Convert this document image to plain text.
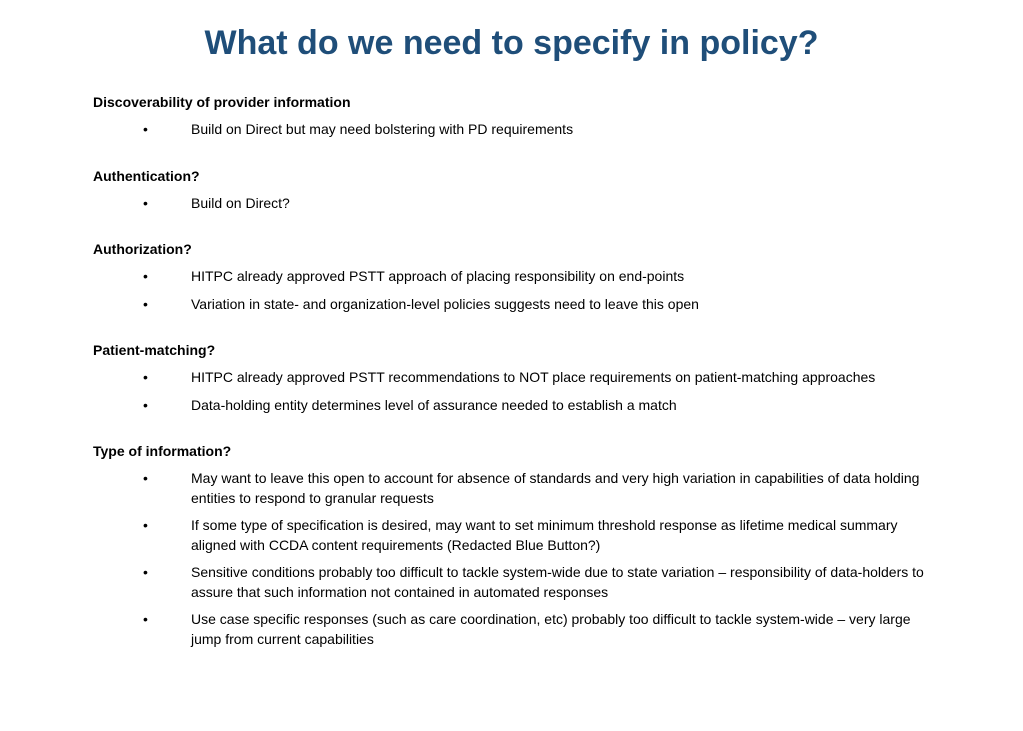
What do we need to specify in policy?
Discoverability of provider information
•	Build on Direct but may need bolstering with PD requirements
Authentication?
•	Build on Direct?
Authorization?
•	HITPC already approved PSTT approach of placing responsibility on end-points
•	Variation in state- and organization-level policies suggests need to leave this open
Patient-matching?
•	HITPC already approved PSTT recommendations to NOT place requirements on patient-matching approaches
•	Data-holding entity determines level of assurance needed to establish a match
Type of information?
•	May want to leave this open to account for absence of standards and very high variation in capabilities of data holding entities to respond to granular requests
•	If some type of specification is desired, may want to set minimum threshold response as lifetime medical summary aligned with CCDA content requirements (Redacted Blue Button?)
•	Sensitive conditions probably too difficult to tackle system-wide due to state variation – responsibility of data-holders to assure that such information not contained in automated responses
•	Use case specific responses (such as care coordination, etc) probably too difficult to tackle system-wide – very large jump from current capabilities
